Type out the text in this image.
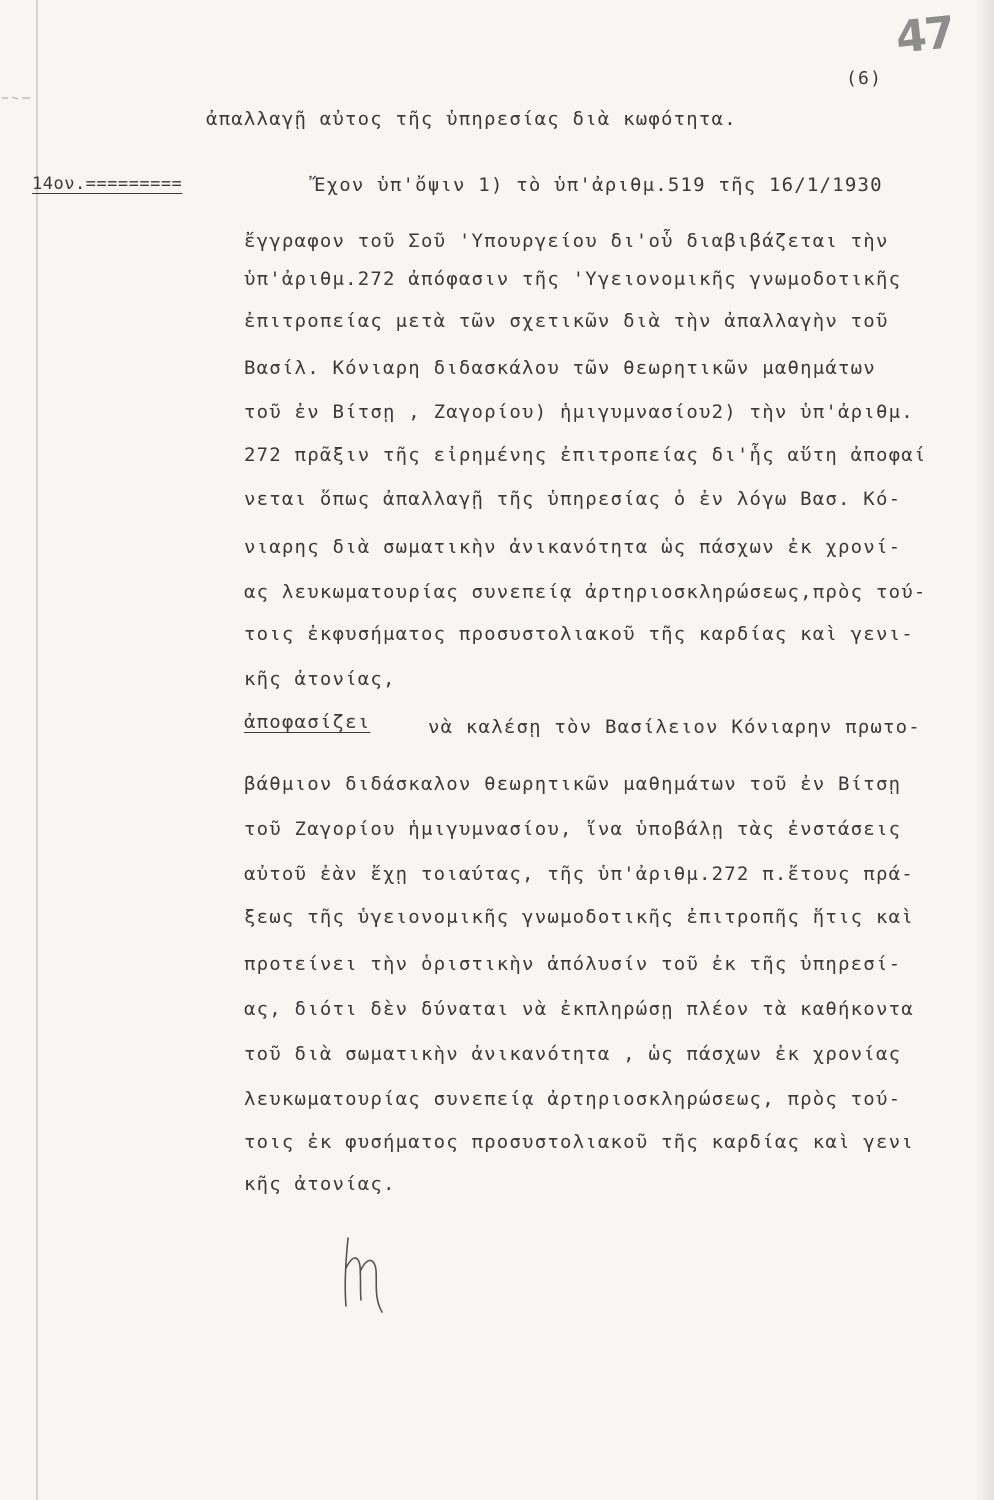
47
(6)
ἀπαλλαγῇ αὐτος τῆς ὑπηρεσίας διὰ κωφότητα.
14ον.=========	Ἔχον ὑπ'ὄψιν 1) τὸ ὑπ'ἀριθμ.519 τῆς 16/1/1930
ἔγγραφον τοῦ Σοῦ 'Υπουργείου δι'οὗ διαβιβάζεται τὴν
ὑπ'ἀριθμ.272 ἀπόφασιν τῆς 'Υγειονομικῆς γνωμοδοτικῆς
ἐπιτροπείας μετὰ τῶν σχετικῶν διὰ τὴν ἀπαλλαγὴν τοῦ
Βασίλ. Κόνιαρη διδασκάλου τῶν θεωρητικῶν μαθημάτων
τοῦ ἐν Βίτσῃ , Ζαγορίου) ἡμιγυμνασίου2) τὴν ὑπ'ἀριθμ.
272 πρᾶξιν τῆς εἰρημένης ἐπιτροπείας δι'ἧς αὕτη ἀποφαί
νεται ὅπως ἀπαλλαγῇ τῆς ὑπηρεσίας ὁ ἐν λόγω Βασ. Κό-
νιαρης διὰ σωματικὴν ἀνικανότητα ὡς πάσχων ἐκ χρονί-
ας λευκωματουρίας συνεπείᾳ ἀρτηριοσκληρώσεως,πρὸς τού-
τοις ἐκφυσήματος προσυστολιακοῦ τῆς καρδίας καὶ γενι-
κῆς ἀτονίας,
ἀποφασίζει	νὰ καλέσῃ τὸν Βασίλειον Κόνιαρην πρωτο-
βάθμιον διδάσκαλον θεωρητικῶν μαθημάτων τοῦ ἐν Βίτσῃ
τοῦ Ζαγορίου ἡμιγυμνασίου, ἵνα ὑποβάλῃ τὰς ἐνστάσεις
αὐτοῦ ἐὰν ἔχῃ τοιαύτας, τῆς ὑπ'ἀριθμ.272 π.ἔτους πρά-
ξεως τῆς ὑγειονομικῆς γνωμοδοτικῆς ἐπιτροπῆς ἥτις καὶ
προτείνει τὴν ὁριστικὴν ἀπόλυσίν τοῦ ἐκ τῆς ὑπηρεσί-
ας, διότι δὲν δύναται νὰ ἐκπληρώσῃ πλέον τὰ καθήκοντα
τοῦ διὰ σωματικὴν ἀνικανότητα , ὡς πάσχων ἐκ χρονίας
λευκωματουρίας συνεπείᾳ ἀρτηριοσκληρώσεως, πρὸς τού-
τοις ἐκ φυσήματος προσυστολιακοῦ τῆς καρδίας καὶ γενι
κῆς ἀτονίας.
